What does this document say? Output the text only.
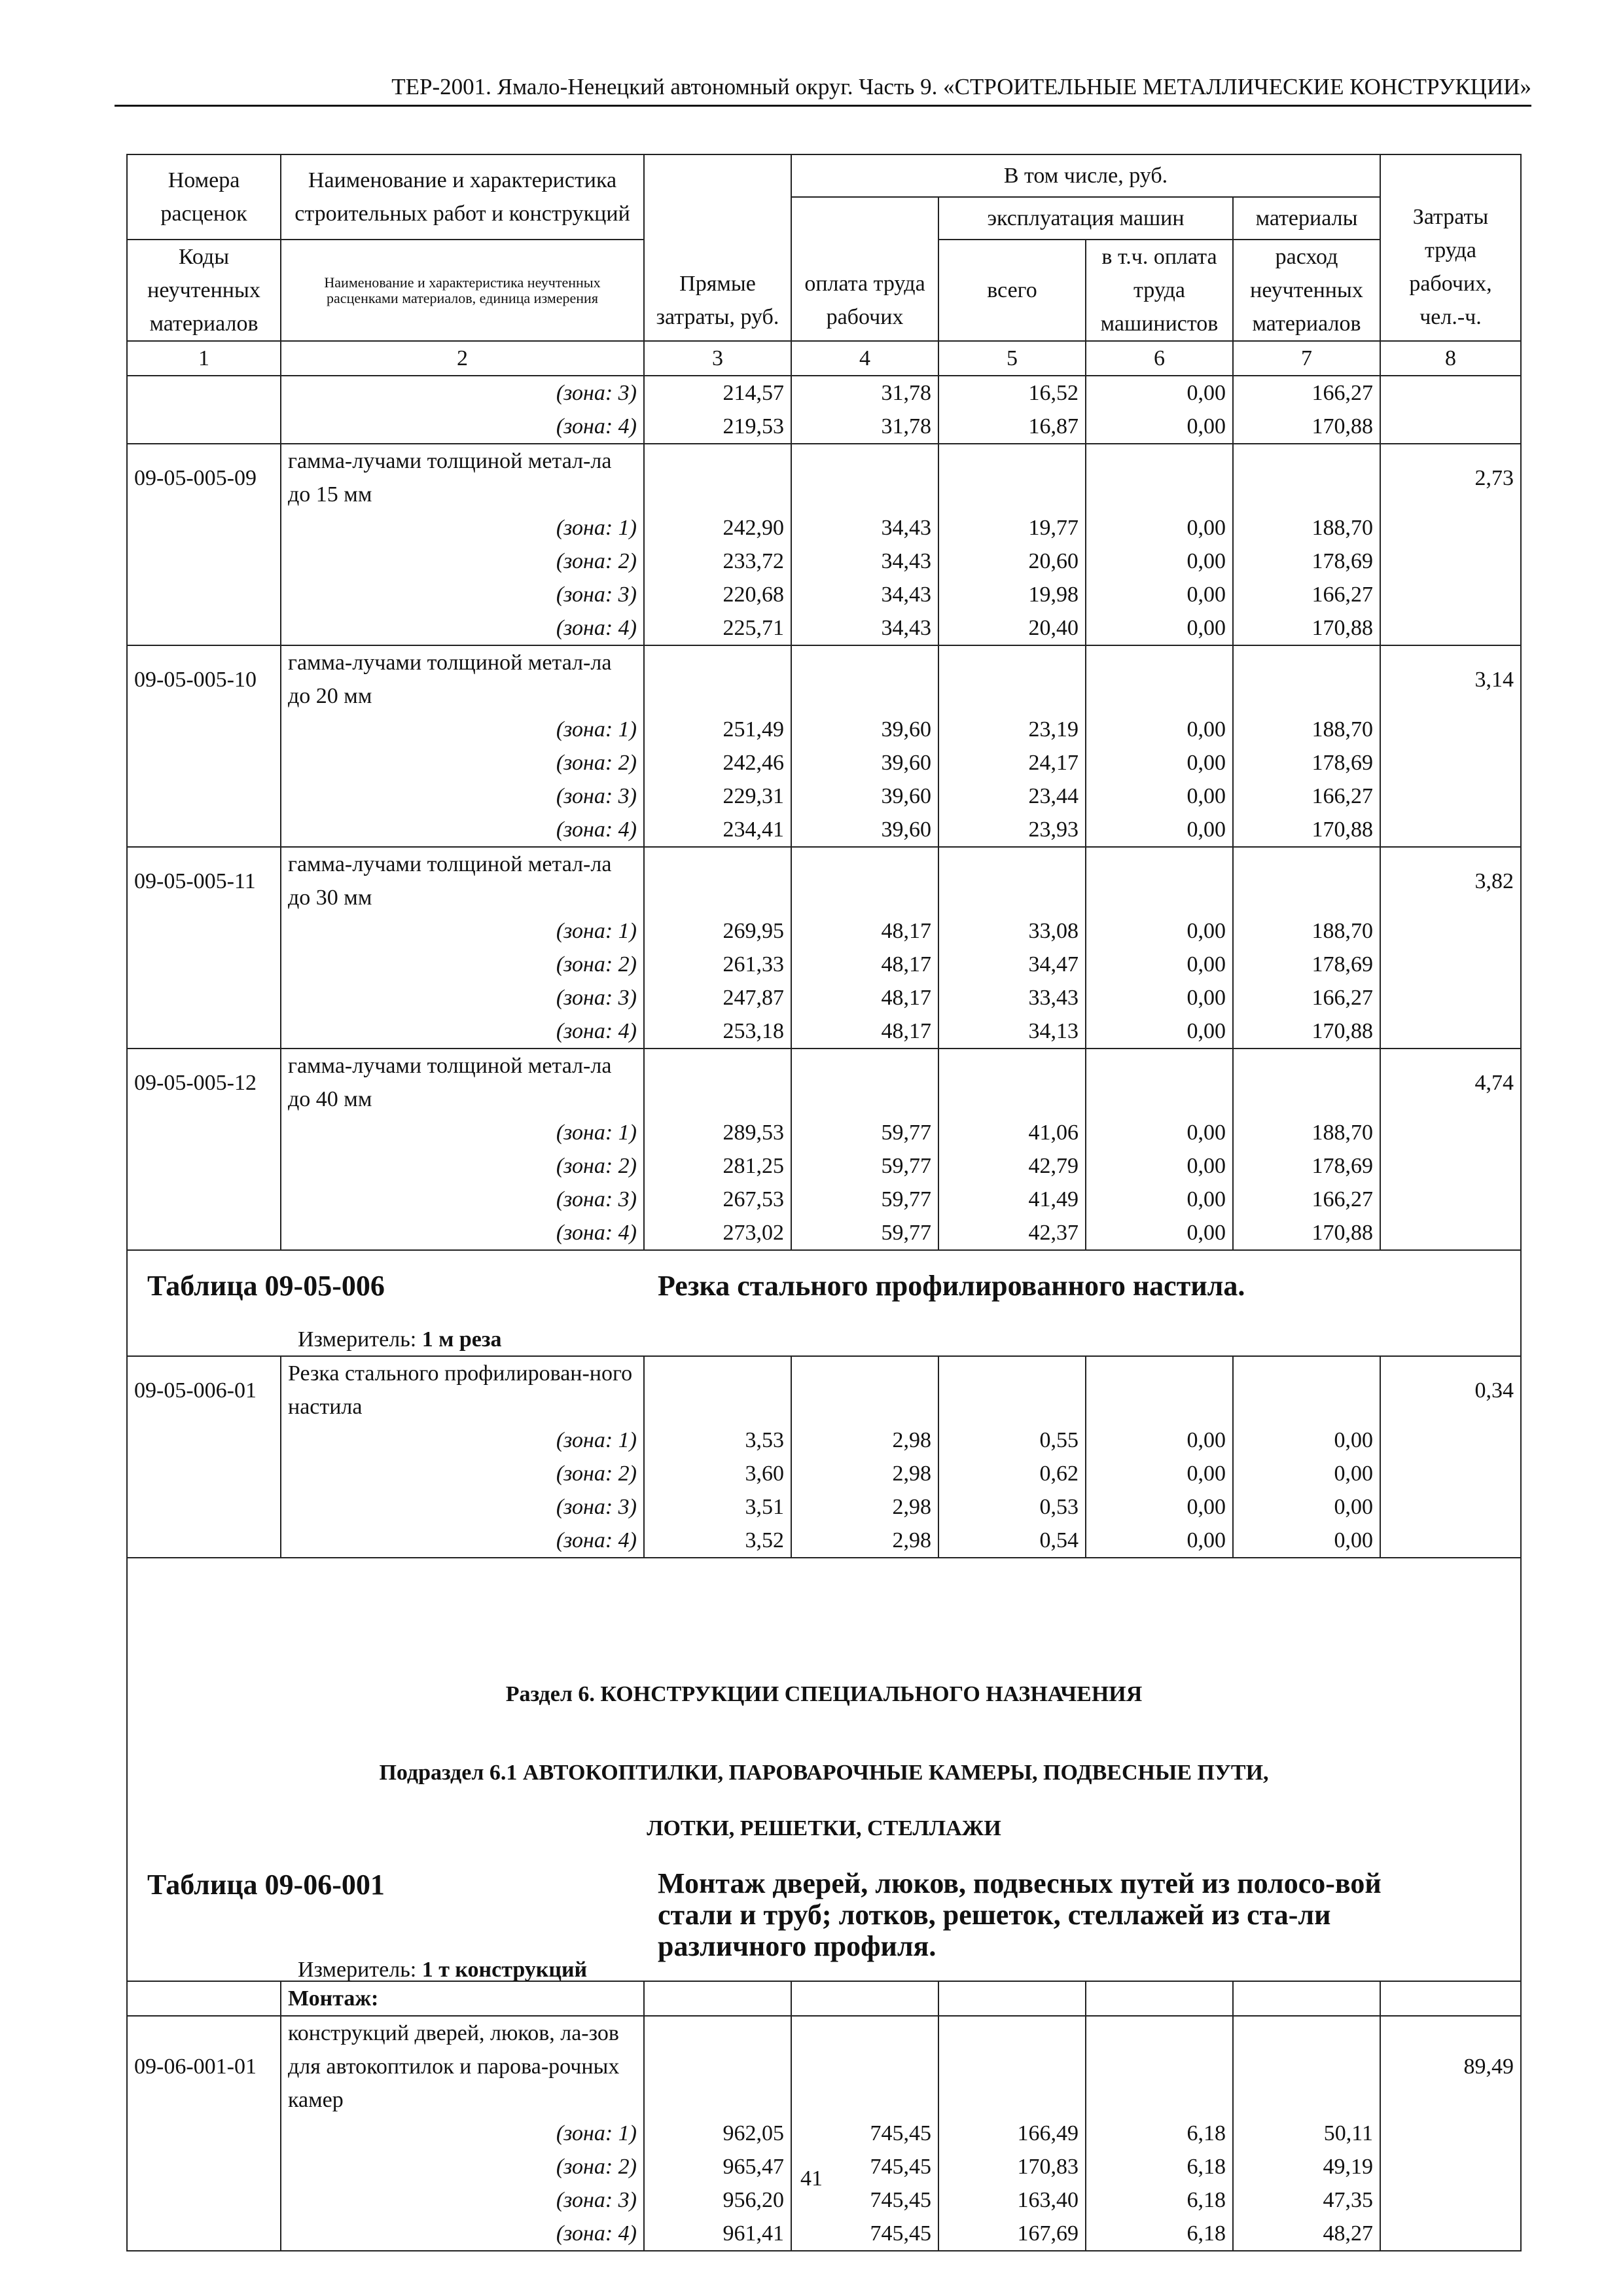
ТЕР-2001. Ямало-Ненецкий автономный округ. Часть 9. «СТРОИТЕЛЬНЫЕ МЕТАЛЛИЧЕСКИЕ КОНСТРУКЦИИ»
Номера расценок	Наименование и характеристика строительных работ и конструкций	Прямые затраты, руб.	В том числе, руб.				Затраты труда рабочих, чел.-ч.
			оплата труда рабочих	эксплуатация машин		материалы	
Коды неучтенных материалов	Наименование и характеристика неучтенных расценками материалов, единица измерения			всего	в т.ч. оплата труда машинистов	расход неучтенных материалов	

1	2	3	4	5	6	7	8
	(зона: 3)	214,57	31,78	16,52	0,00	166,27	
	(зона: 4)	219,53	31,78	16,87	0,00	170,88	
09-05-005-09	гамма-лучами толщиной метал-ла до 15 мм						2,73
	(зона: 1)	242,90	34,43	19,77	0,00	188,70	
	(зона: 2)	233,72	34,43	20,60	0,00	178,69	
	(зона: 3)	220,68	34,43	19,98	0,00	166,27	
	(зона: 4)	225,71	34,43	20,40	0,00	170,88	
09-05-005-10	гамма-лучами толщиной метал-ла до 20 мм						3,14
	(зона: 1)	251,49	39,60	23,19	0,00	188,70	
	(зона: 2)	242,46	39,60	24,17	0,00	178,69	
	(зона: 3)	229,31	39,60	23,44	0,00	166,27	
	(зона: 4)	234,41	39,60	23,93	0,00	170,88	
09-05-005-11	гамма-лучами толщиной метал-ла до 30 мм						3,82
	(зона: 1)	269,95	48,17	33,08	0,00	188,70	
	(зона: 2)	261,33	48,17	34,47	0,00	178,69	
	(зона: 3)	247,87	48,17	33,43	0,00	166,27	
	(зона: 4)	253,18	48,17	34,13	0,00	170,88	
09-05-005-12	гамма-лучами толщиной метал-ла до 40 мм						4,74
	(зона: 1)	289,53	59,77	41,06	0,00	188,70	
	(зона: 2)	281,25	59,77	42,79	0,00	178,69	
	(зона: 3)	267,53	59,77	41,49	0,00	166,27	
	(зона: 4)	273,02	59,77	42,37	0,00	170,88	

Таблица 09-05-006 Резка стального профилированного настила.
Измеритель: 1 м реза							

09-05-006-01	Резка стального профилирован-ного настила						0,34
	(зона: 1)	3,53	2,98	0,55	0,00	0,00	
	(зона: 2)	3,60	2,98	0,62	0,00	0,00	
	(зона: 3)	3,51	2,98	0,53	0,00	0,00	
	(зона: 4)	3,52	2,98	0,54	0,00	0,00	

Раздел 6. КОНСТРУКЦИИ СПЕЦИАЛЬНОГО НАЗНАЧЕНИЯ							

Подраздел 6.1 АВТОКОПТИЛКИ, ПАРОВАРОЧНЫЕ КАМЕРЫ, ПОДВЕСНЫЕ ПУТИ,							
ЛОТКИ, РЕШЕТКИ, СТЕЛЛАЖИ							

Таблица 09-06-001 Монтаж дверей, люков, подвесных путей из полосо-вой стали и труб; лотков, решеток, стеллажей из ста-ли различного профиля.
Измеритель: 1 т конструкций							

	Монтаж:						
09-06-001-01	конструкций дверей, люков, ла-зов для автокоптилок и парова-рочных камер						89,49
	(зона: 1)	962,05	745,45	166,49	6,18	50,11	
	(зона: 2)	965,47	745,45	170,83	6,18	49,19	
	(зона: 3)	956,20	745,45	163,40	6,18	47,35	
	(зона: 4)	961,41	745,45	167,69	6,18	48,27	
41
